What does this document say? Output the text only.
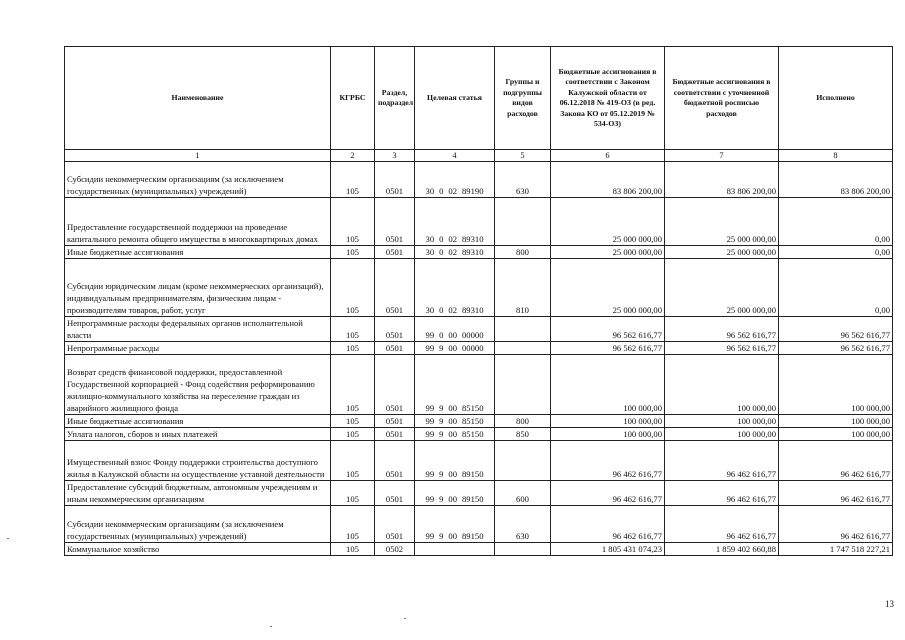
Наименование	КГРБС	Раздел, подраздел	Целевая статья	Группы и подгруппы видов расходов	Бюджетные ассигнования в соответствии с Законом Калужской области от 06.12.2018 № 419-ОЗ (в ред. Закона КО от 05.12.2019 № 534-ОЗ)	Бюджетные ассигнования в соответствии с уточненной бюджетной росписью расходов	Исполнено
1	2	3	4	5	6	7	8
Субсидии некоммерческим организациям (за исключением государственных (муниципальных) учреждений)	105	0501	30 0 02 89190	630	83 806 200,00	83 806 200,00	83 806 200,00
Предоставление государственной поддержки на проведение капитального ремонта общего имущества в многоквартирных домах	105	0501	30 0 02 89310		25 000 000,00	25 000 000,00	0,00
Иные бюджетные ассигнования	105	0501	30 0 02 89310	800	25 000 000,00	25 000 000,00	0,00
Субсидии юридическим лицам (кроме некоммерческих организаций), индивидуальным предпринимателям, физическим лицам - производителям товаров, работ, услуг	105	0501	30 0 02 89310	810	25 000 000,00	25 000 000,00	0,00
Непрограммные расходы федеральных органов исполнительной власти	105	0501	99 0 00 00000		96 562 616,77	96 562 616,77	96 562 616,77
Непрограммные расходы	105	0501	99 9 00 00000		96 562 616,77	96 562 616,77	96 562 616,77
Возврат средств финансовой поддержки, предоставленной Государственной корпорацией - Фонд содействия реформированию жилищно-коммунального хозяйства на переселение граждан из аварийного жилищного фонда	105	0501	99 9 00 85150		100 000,00	100 000,00	100 000,00
Иные бюджетные ассигнования	105	0501	99 9 00 85150	800	100 000,00	100 000,00	100 000,00
Уплата налогов, сборов и иных платежей	105	0501	99 9 00 85150	850	100 000,00	100 000,00	100 000,00
Имущественный взнос Фонду поддержки строительства доступного жилья в Калужской области на осуществление уставной деятельности	105	0501	99 9 00 89150		96 462 616,77	96 462 616,77	96 462 616,77
Предоставление субсидий бюджетным, автономным учреждениям и иным некоммерческим организациям	105	0501	99 9 00 89150	600	96 462 616,77	96 462 616,77	96 462 616,77
Субсидии некоммерческим организациям (за исключением государственных (муниципальных) учреждений)	105	0501	99 9 00 89150	630	96 462 616,77	96 462 616,77	96 462 616,77
Коммунальное хозяйство	105	0502			1 805 431 074,23	1 859 402 660,88	1 747 518 227,21
13
